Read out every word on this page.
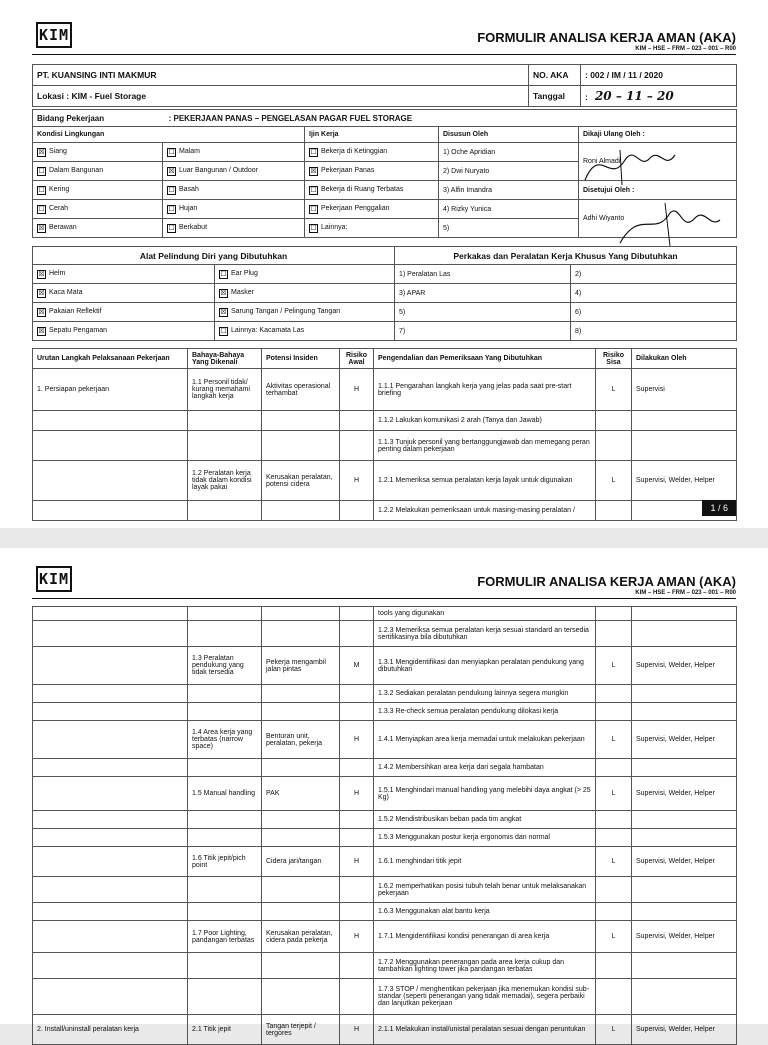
KIM	FORMULIR ANALISA KERJA AMAN (AKA)
KIM – HSE – FRM – 023 – 001 – R00
PT. KUANSING INTI MAKMUR	NO. AKA	: 002 / IM / 11 / 2020
Lokasi : KIM - Fuel Storage	Tanggal	: 20 – 11 – 20
Bidang Pekerjaan : PEKERJAAN PANAS – PENGELASAN PAGAR FUEL STORAGE				
Kondisi Lingkungan		Ijin Kerja	Disusun Oleh	Dikaji Ulang Oleh :
☒ Siang	☐ Malam	☐ Bekerja di Ketinggian	1) Oche Apridian	Roni Almadi
☐ Dalam Bangunan	☒ Luar Bangunan / Outdoor	☒ Pekerjaan Panas	2) Dwi Nuryato	
☐ Kering	☐ Basah	☐ Bekerja di Ruang Terbatas	3) Alfin Imandra	Disetujui Oleh :
☐ Cerah	☐ Hujan	☐ Pekerjaan Penggalian	4) Rizky Yunica	Adhi Wiyanto
☒ Berawan	☐ Berkabut	☐ Lainnya:	5)	
Alat Pelindung Diri yang Dibutuhkan		Perkakas dan Peralatan Kerja Khusus Yang Dibutuhkan	
☒ Helm	☐ Ear Plug	1) Peralatan Las	2)
☒ Kaca Mata	☒ Masker	3) APAR	4)
☒ Pakaian Reflektif	☒ Sarung Tangan / Pelingung Tangan	5)	6)
☒ Sepatu Pengaman	☐ Lainnya: Kacamata Las	7)	8)
Urutan Langkah Pelaksanaan Pekerjaan	Bahaya-Bahaya Yang Dikenali	Potensi Insiden	Risiko Awal	Pengendalian dan Pemeriksaan Yang Dibutuhkan	Risiko Sisa	Dilakukan Oleh
1. Persiapan pekerjaan	1.1 Personil tidak/ kurang memahami langkah kerja	Aktivitas operasional terhambat	H	1.1.1 Pengarahan langkah kerja yang jelas pada saat pre-start briefing	L	Supervisi
				1.1.2 Lakukan komunikasi 2 arah (Tanya dan Jawab)		
				1.1.3 Tunjuk personil yang bertanggungjawab dan memegang peran penting dalam pekerjaan		
	1.2 Peralatan kerja tidak dalam kondisi layak pakai	Kerusakan peralatan, potensi cidera	H	1.2.1 Memeriksa semua peralatan kerja layak untuk digunakan	L	Supervisi, Welder, Helper
				1.2.2 Melakukan pemeriksaan untuk masing-masing peralatan /			1 / 6
KIM	FORMULIR ANALISA KERJA AMAN (AKA)
KIM – HSE – FRM – 023 – 001 – R00
				tools yang digunakan		
				1.2.3 Memeriksa semua peralatan kerja sesuai standard an tersedia sertifikasinya bila dibutuhkan		
	1.3 Peralatan pendukung yang tidak tersedia	Pekerja mengambil jalan pintas	M	1.3.1 Mengidentifikasi dan menyiapkan peralatan pendukung yang dibutuhkan	L	Supervisi, Welder, Helper
				1.3.2 Sediakan peralatan pendukung lainnya segera mungkin		
				1.3.3 Re-check semua peralatan pendukung dilokasi kerja		
	1.4 Area kerja yang terbatas (narrow space)	Benturan unit, peralatan, pekerja	H	1.4.1 Menyiapkan area kerja memadai untuk melakukan pekerjaan	L	Supervisi, Welder, Helper
				1.4.2 Membersihkan area kerja dari segala hambatan		
	1.5 Manual handling	PAK	H	1.5.1 Menghindari manual handling yang melebihi daya angkat (> 25 Kg)	L	Supervisi, Welder, Helper
				1.5.2 Mendistribusikan beban pada tim angkat		
				1.5.3 Menggunakan postur kerja ergonomis dan normal		
	1.6 Titik jepit/pich point	Cidera jari/tangan	H	1.6.1 menghindari titik jepit	L	Supervisi, Welder, Helper
				1.6.2 memperhatikan posisi tubuh telah benar untuk melaksanakan pekerjaan		
				1.6.3 Menggunakan alat bantu kerja		
	1.7 Poor Lighting, pandangan terbatas	Kerusakan peralatan, cidera pada pekerja	H	1.7.1 Mengidentifikasi kondisi penerangan di area kerja	L	Supervisi, Welder, Helper
				1.7.2 Menggunakan penerangan pada area kerja cukup dan tambahkan lighting tower jika pandangan terbatas		
				1.7.3 STOP / menghentikan pekerjaan jika menemukan kondisi sub-standar (seperti penerangan yang tidak memadai), segera perbaiki dan lanjutkan pekerjaan		
2. Install/uninstall peralatan kerja	2.1 Titik jepit	Tangan terjepit / tergores	H	2.1.1 Melakukan instal/unistal peralatan sesuai dengan peruntukan	L	Supervisi, Welder, Helper
